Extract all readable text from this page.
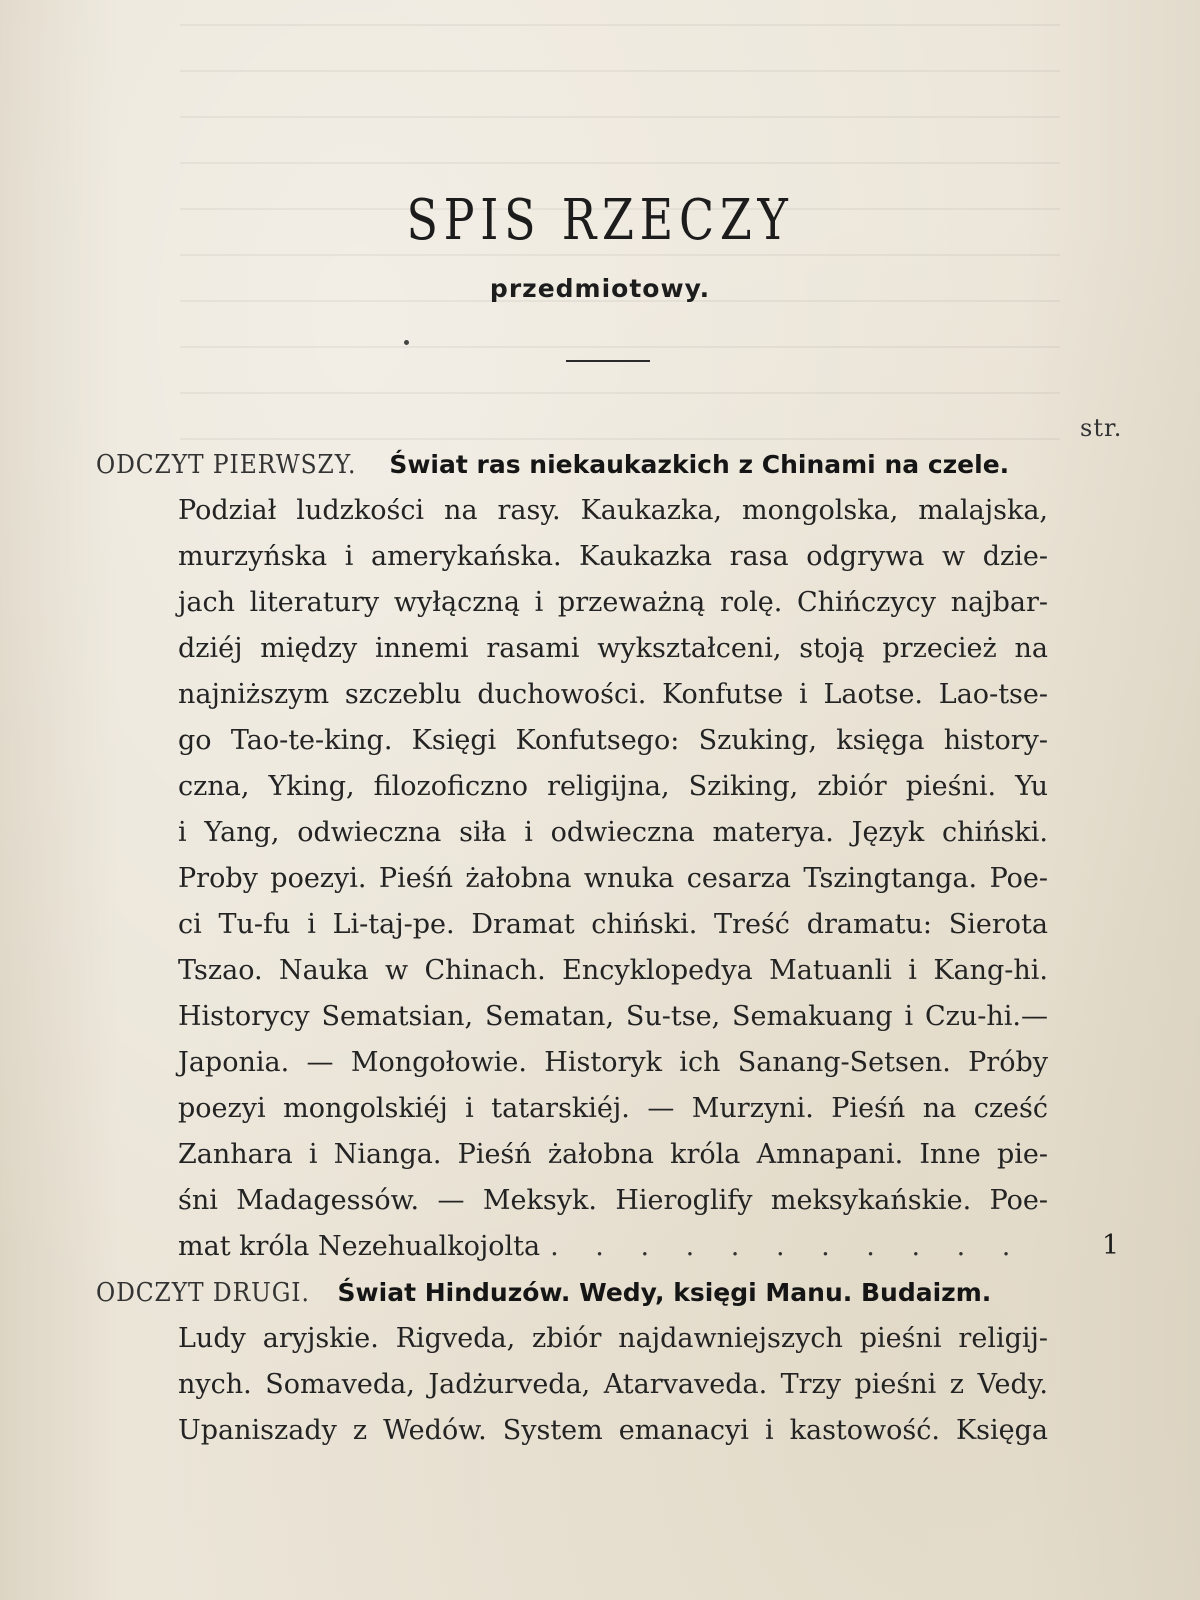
SPIS RZECZY
przedmiotowy.
str.
ODCZYT PIERWSZY. Świat ras niekaukazkich z Chinami na czele.
Podział ludzkości na rasy. Kaukazka, mongolska, malajska,
murzyńska i amerykańska. Kaukazka rasa odgrywa w dzie-
jach literatury wyłączną i przeważną rolę. Chińczycy najbar-
dziéj między innemi rasami wykształceni, stoją przecież na
najniższym szczeblu duchowości. Konfutse i Laotse. Lao-tse-
go Tao-te-king. Księgi Konfutsego: Szuking, księga history-
czna, Yking, filozoficzno religijna, Sziking, zbiór pieśni. Yu
i Yang, odwieczna siła i odwieczna materya. Język chiński.
Proby poezyi. Pieśń żałobna wnuka cesarza Tszingtanga. Poe-
ci Tu-fu i Li-taj-pe. Dramat chiński. Treść dramatu: Sierota
Tszao. Nauka w Chinach. Encyklopedya Matuanli i Kang-hi.
Historycy Sematsian, Sematan, Su-tse, Semakuang i Czu-hi.—
Japonia. — Mongołowie. Historyk ich Sanang-Setsen. Próby
poezyi mongolskiéj i tatarskiéj. — Murzyni. Pieśń na cześć
Zanhara i Nianga. Pieśń żałobna króla Amnapani. Inne pie-
śni Madagessów. — Meksyk. Hieroglify meksykańskie. Poe-
mat króla Nezehualkojolta . . . . . . . . . . .	1
ODCZYT DRUGI. Świat Hinduzów. Wedy, księgi Manu. Budaizm.
Ludy aryjskie. Rigveda, zbiór najdawniejszych pieśni religij-
nych. Somaveda, Jadżurveda, Atarvaveda. Trzy pieśni z Vedy.
Upaniszady z Wedów. System emanacyi i kastowość. Księga
